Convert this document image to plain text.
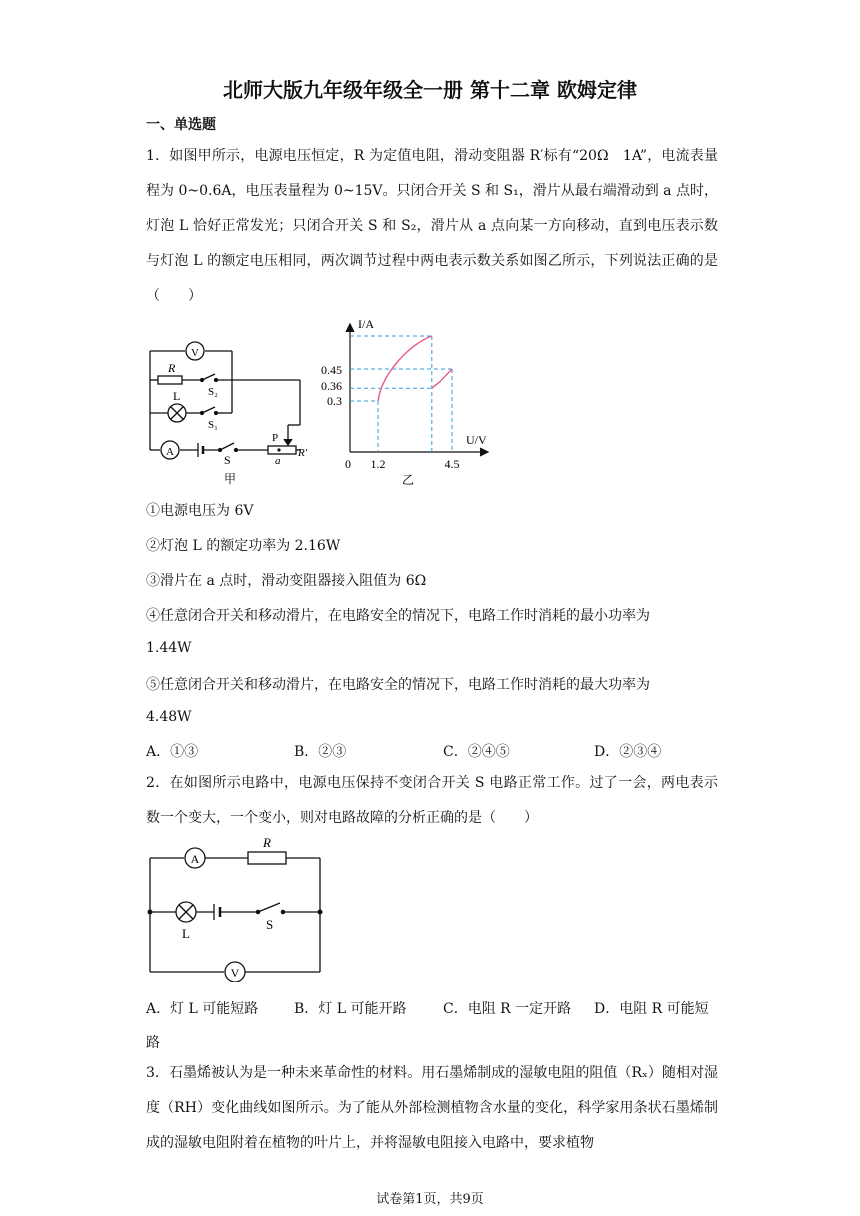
北师大版九年级年级全一册 第十二章 欧姆定律
一、单选题
1．如图甲所示，电源电压恒定，R 为定值电阻，滑动变阻器 R′标有“20Ω　1A”，电流表量程为 0~0.6A，电压表量程为 0~15V。只闭合开关 S 和 S₁，滑片从最右端滑动到 a 点时，灯泡 L 恰好正常发光；只闭合开关 S 和 S₂，滑片从 a 点向某一方向移动，直到电压表示数与灯泡 L 的额定电压相同，两次调节过程中两电表示数关系如图乙所示，下列说法正确的是（　　）
V
A
R
L	S₂
S₁
S
P
R′
a
甲
I/A
U/V
0
0.45
0.36
0.3
1.2	4.5
乙
①电源电压为 6V
②灯泡 L 的额定功率为 2.16W
③滑片在 a 点时，滑动变阻器接入阻值为 6Ω
④任意闭合开关和移动滑片，在电路安全的情况下，电路工作时消耗的最小功率为
1.44W
⑤任意闭合开关和移动滑片，在电路安全的情况下，电路工作时消耗的最大功率为
4.48W
A．①③	B．②③	C．②④⑤	D．②③④
2．在如图所示电路中，电源电压保持不变闭合开关 S 电路正常工作。过了一会，两电表示数一个变大，一个变小，则对电路故障的分析正确的是（　　）
A
R
L
S
V
A．灯 L 可能短路	B．灯 L 可能开路	C．电阻 R 一定开路 D．电阻 R 可能短
路
3．石墨烯被认为是一种未来革命性的材料。用石墨烯制成的湿敏电阻的阻值（Rₓ）随相对湿度（RH）变化曲线如图所示。为了能从外部检测植物含水量的变化，科学家用条状石墨烯制成的湿敏电阻附着在植物的叶片上，并将湿敏电阻接入电路中，要求植物
试卷第1页，共9页
